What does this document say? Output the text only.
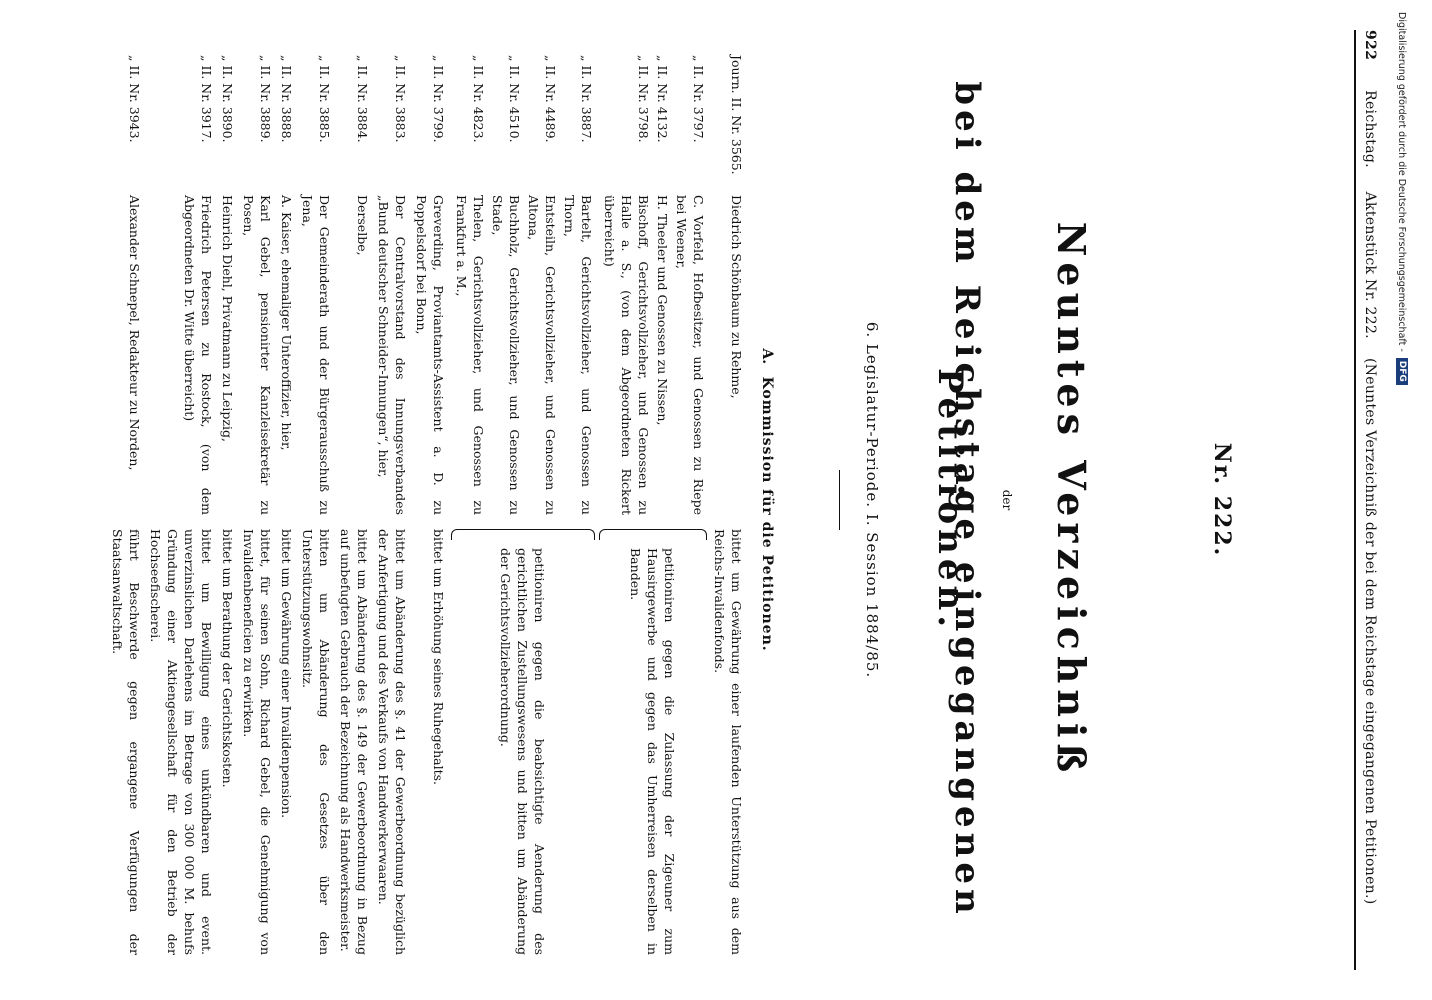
922
Reichstag.     Aktenstück Nr. 222.    (Neuntes Verzeichniß der bei dem Reichstage eingegangenen Petitionen.)
Nr. 222.
Neuntes Verzeichniß
der
bei dem Reichstage eingegangenen Petitionen.
6. Legislatur-Periode. I. Session 1884/85.
A. Kommission für die Petitionen.
Journ. II. Nr. 3565.
Diedrich Schönbaum zu Rehme,
bittet um Gewährung einer laufenden Unterstützung aus dem Reichs-Invalidenfonds.
„ II. Nr. 3797.
C. Vorfeld, Hofbesitzer, und Genossen zu Riepe bei Weener,
„ II. Nr. 4132.
H. Theeler und Genossen zu Nissen,
„ II. Nr. 3798.
Bischoff, Gerichtsvollzieher, und Genossen zu Halle a. S., (von dem Abgeordneten Rickert überreicht)
petitioniren gegen die Zulassung der Zigeuner zum Hausirgewerbe und gegen das Umherreisen derselben in Banden.
„ II. Nr. 3887.
Bartelt, Gerichtsvollzieher, und Genossen zu Thorn,
„ II. Nr. 4489.
Entsteiln, Gerichtsvollzieher, und Genossen zu Altona,
„ II. Nr. 4510.
Buchholz, Gerichtsvollzieher, und Genossen zu Stade,
„ II. Nr. 4823.
Thelen, Gerichtsvollzieher, und Genossen zu Frankfurt a. M.,
petitioniren gegen die beabsichtigte Aenderung des gerichtlichen Zustellungswesens und bitten um Abänderung der Gerichtsvollzieherordnung.
„ II. Nr. 3799.
Greverding, Proviantamts-Assistent a. D. zu Poppelsdorf bei Bonn,
bittet um Erhöhung seines Ruhegehalts.
„ II. Nr. 3883.
Der Centralvorstand des Innungsverbandes „Bund deutscher Schneider-Innungen“, hier,
bittet um Abänderung des §. 41 der Gewerbeordnung bezüglich der Anfertigung und des Verkaufs von Handwerkerwaaren.
„ II. Nr. 3884.
Derselbe,
bittet um Abänderung des §. 149 der Gewerbeordnung in Bezug auf unbefugten Gebrauch der Bezeichnung als Handwerksmeister.
„ II. Nr. 3885.
Der Gemeinderath und der Bürgerausschuß zu Jena,
bitten um Abänderung des Gesetzes über den Unterstützungswohnsitz.
„ II. Nr. 3888.
A. Kaiser, ehemaliger Unteroffizier, hier,
bittet um Gewährung einer Invalidenpension.
„ II. Nr. 3889.
Karl Gebel, pensionirter Kanzleisekretär zu Posen,
bittet, für seinen Sohn, Richard Gebel, die Genehmigung von Invalidenbeneficien zu erwirken.
„ II. Nr. 3890.
Heinrich Diehl, Privatmann zu Leipzig,
bittet um Berathung der Gerichtskosten.
„ II. Nr. 3917.
Friedrich Petersen zu Rostock, (von dem Abgeordneten Dr. Witte überreicht)
bittet um Bewilligung eines unkündbaren und event. unverzinslichen Darlehens im Betrage von 300 000 M. behufs Gründung einer Aktiengesellschaft für den Betrieb der Hochseefischerei.
„ II. Nr. 3943.
Alexander Schnepel, Redakteur zu Norden,
führt Beschwerde gegen ergangene Verfügungen der Staatsanwaltschaft.
Digitalisierung gefördert durch die Deutsche Forschungsgemeinschaft -
DFG
